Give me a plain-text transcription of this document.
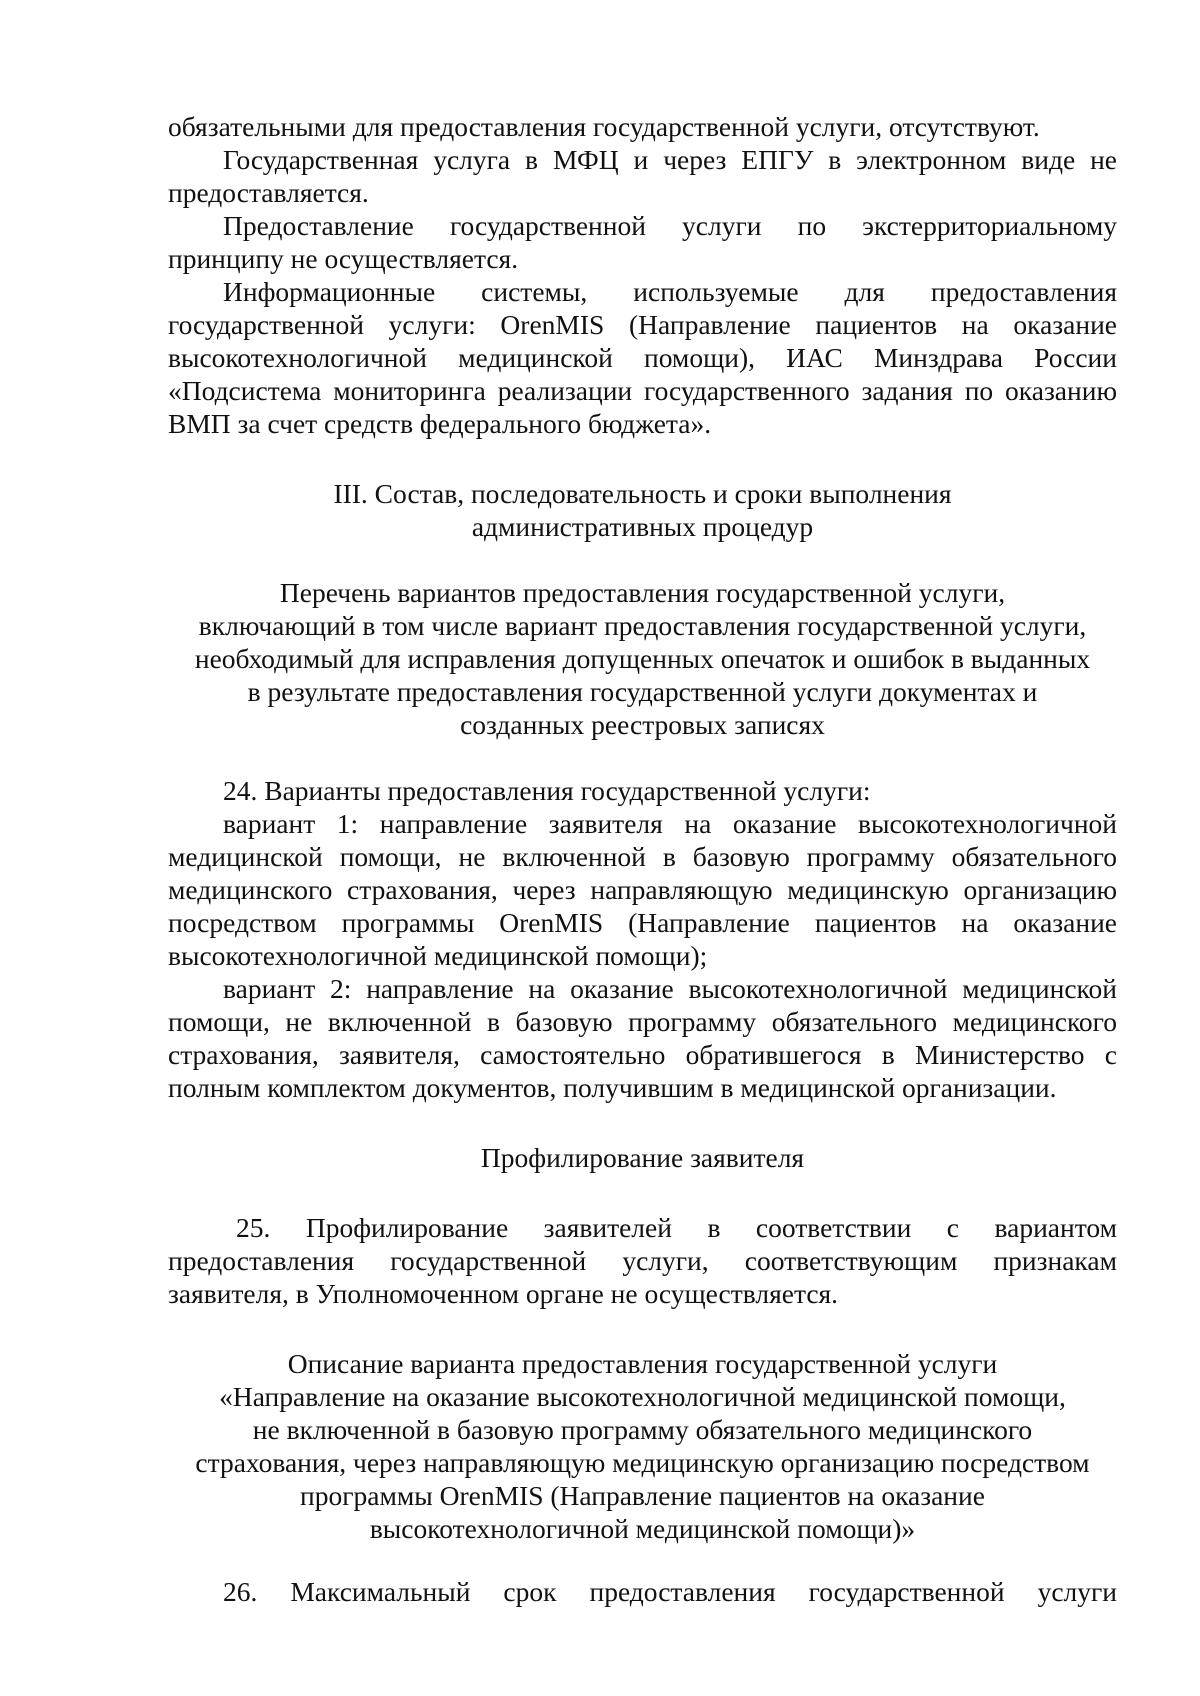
обязательными для предоставления государственной услуги, отсутствуют.

Государственная услуга в МФЦ и через ЕПГУ в электронном виде не предоставляется.

Предоставление государственной услуги по экстерриториальному принципу не осуществляется.

Информационные системы, используемые для предоставления государственной услуги: OrenMIS (Направление пациентов на оказание высокотехнологичной медицинской помощи), ИАС Минздрава России «Подсистема мониторинга реализации государственного задания по оказанию ВМП за счет средств федерального бюджета».

III. Состав, последовательность и сроки выполнения
административных процедур
Перечень вариантов предоставления государственной услуги,
включающий в том числе вариант предоставления государственной услуги,
необходимый для исправления допущенных опечаток и ошибок в выданных
в результате предоставления государственной услуги документах и
созданных реестровых записях

24. Варианты предоставления государственной услуги:

вариант 1: направление заявителя на оказание высокотехнологичной медицинской помощи, не включенной в базовую программу обязательного медицинского страхования, через направляющую медицинскую организацию посредством программы OrenMIS (Направление пациентов на оказание высокотехнологичной медицинской помощи);

вариант 2: направление на оказание высокотехнологичной медицинской помощи, не включенной в базовую программу обязательного медицинского страхования, заявителя, самостоятельно обратившегося в Министерство с полным комплектом документов, получившим в медицинской организации.

Профилирование заявителя

25. Профилирование заявителей в соответствии с вариантом предоставления государственной услуги, соответствующим признакам заявителя, в Уполномоченном органе не осуществляется.

Описание варианта предоставления государственной услуги
«Направление на оказание высокотехнологичной медицинской помощи,
не включенной в базовую программу обязательного медицинского
страхования, через направляющую медицинскую организацию посредством
программы OrenMIS (Направление пациентов на оказание
высокотехнологичной медицинской помощи)»

26. Максимальный срок предоставления государственной услуги
